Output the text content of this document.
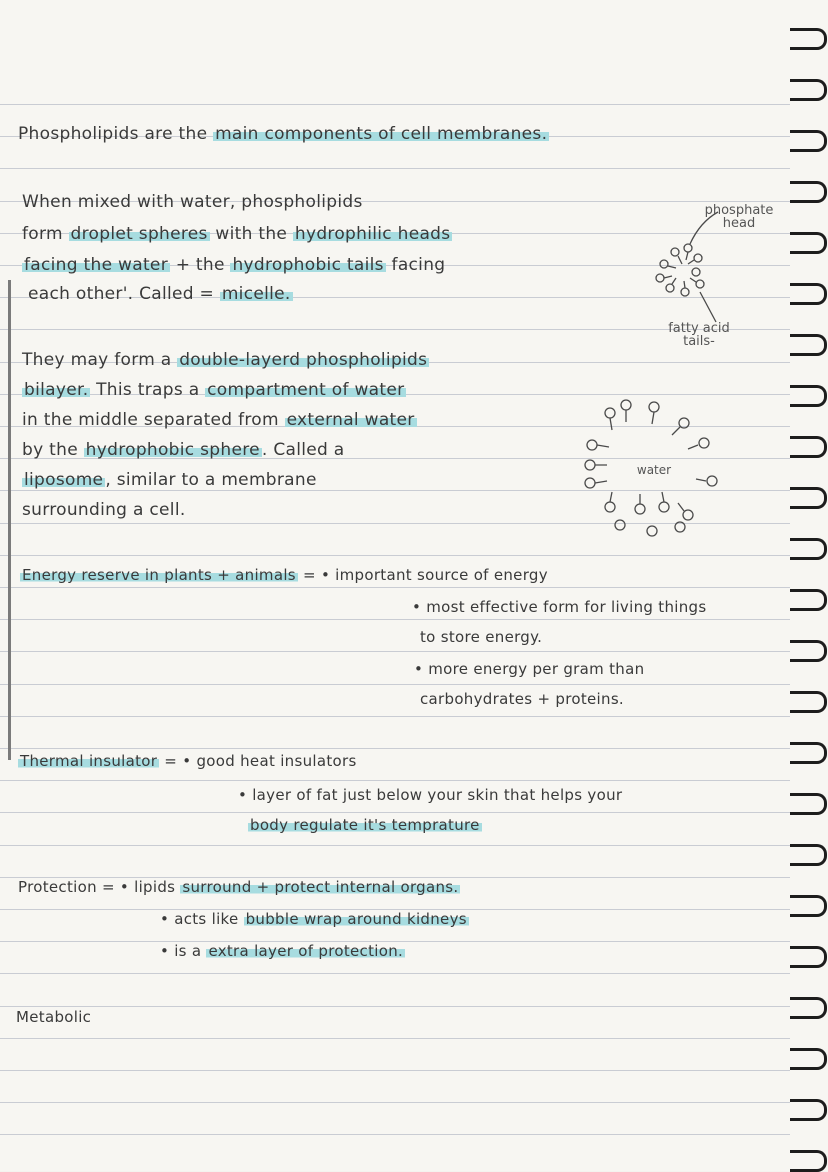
Phospholipids are the main components of cell membranes.
When mixed with water, phospholipids
form droplet spheres with the hydrophilic heads
facing the water + the hydrophobic tails facing
each other'. Called = micelle.
phosphate head
fatty acid tails-
They may form a double-layerd phospholipids
bilayer. This traps a compartment of water
in the middle separated from external water
by the hydrophobic sphere . Called a
liposome , similar to a membrane
surrounding a cell.
water
Energy reserve in plants + animals = • important source of energy
• most effective form for living things
to store energy.
• more energy per gram than
carbohydrates + proteins.
Thermal insulator = • good heat insulators
• layer of fat just below your skin that helps your
body regulate it's temprature
Protection = • lipids surround + protect internal organs.
• acts like bubble wrap around kidneys
• is a extra layer of protection.
Metabolic
